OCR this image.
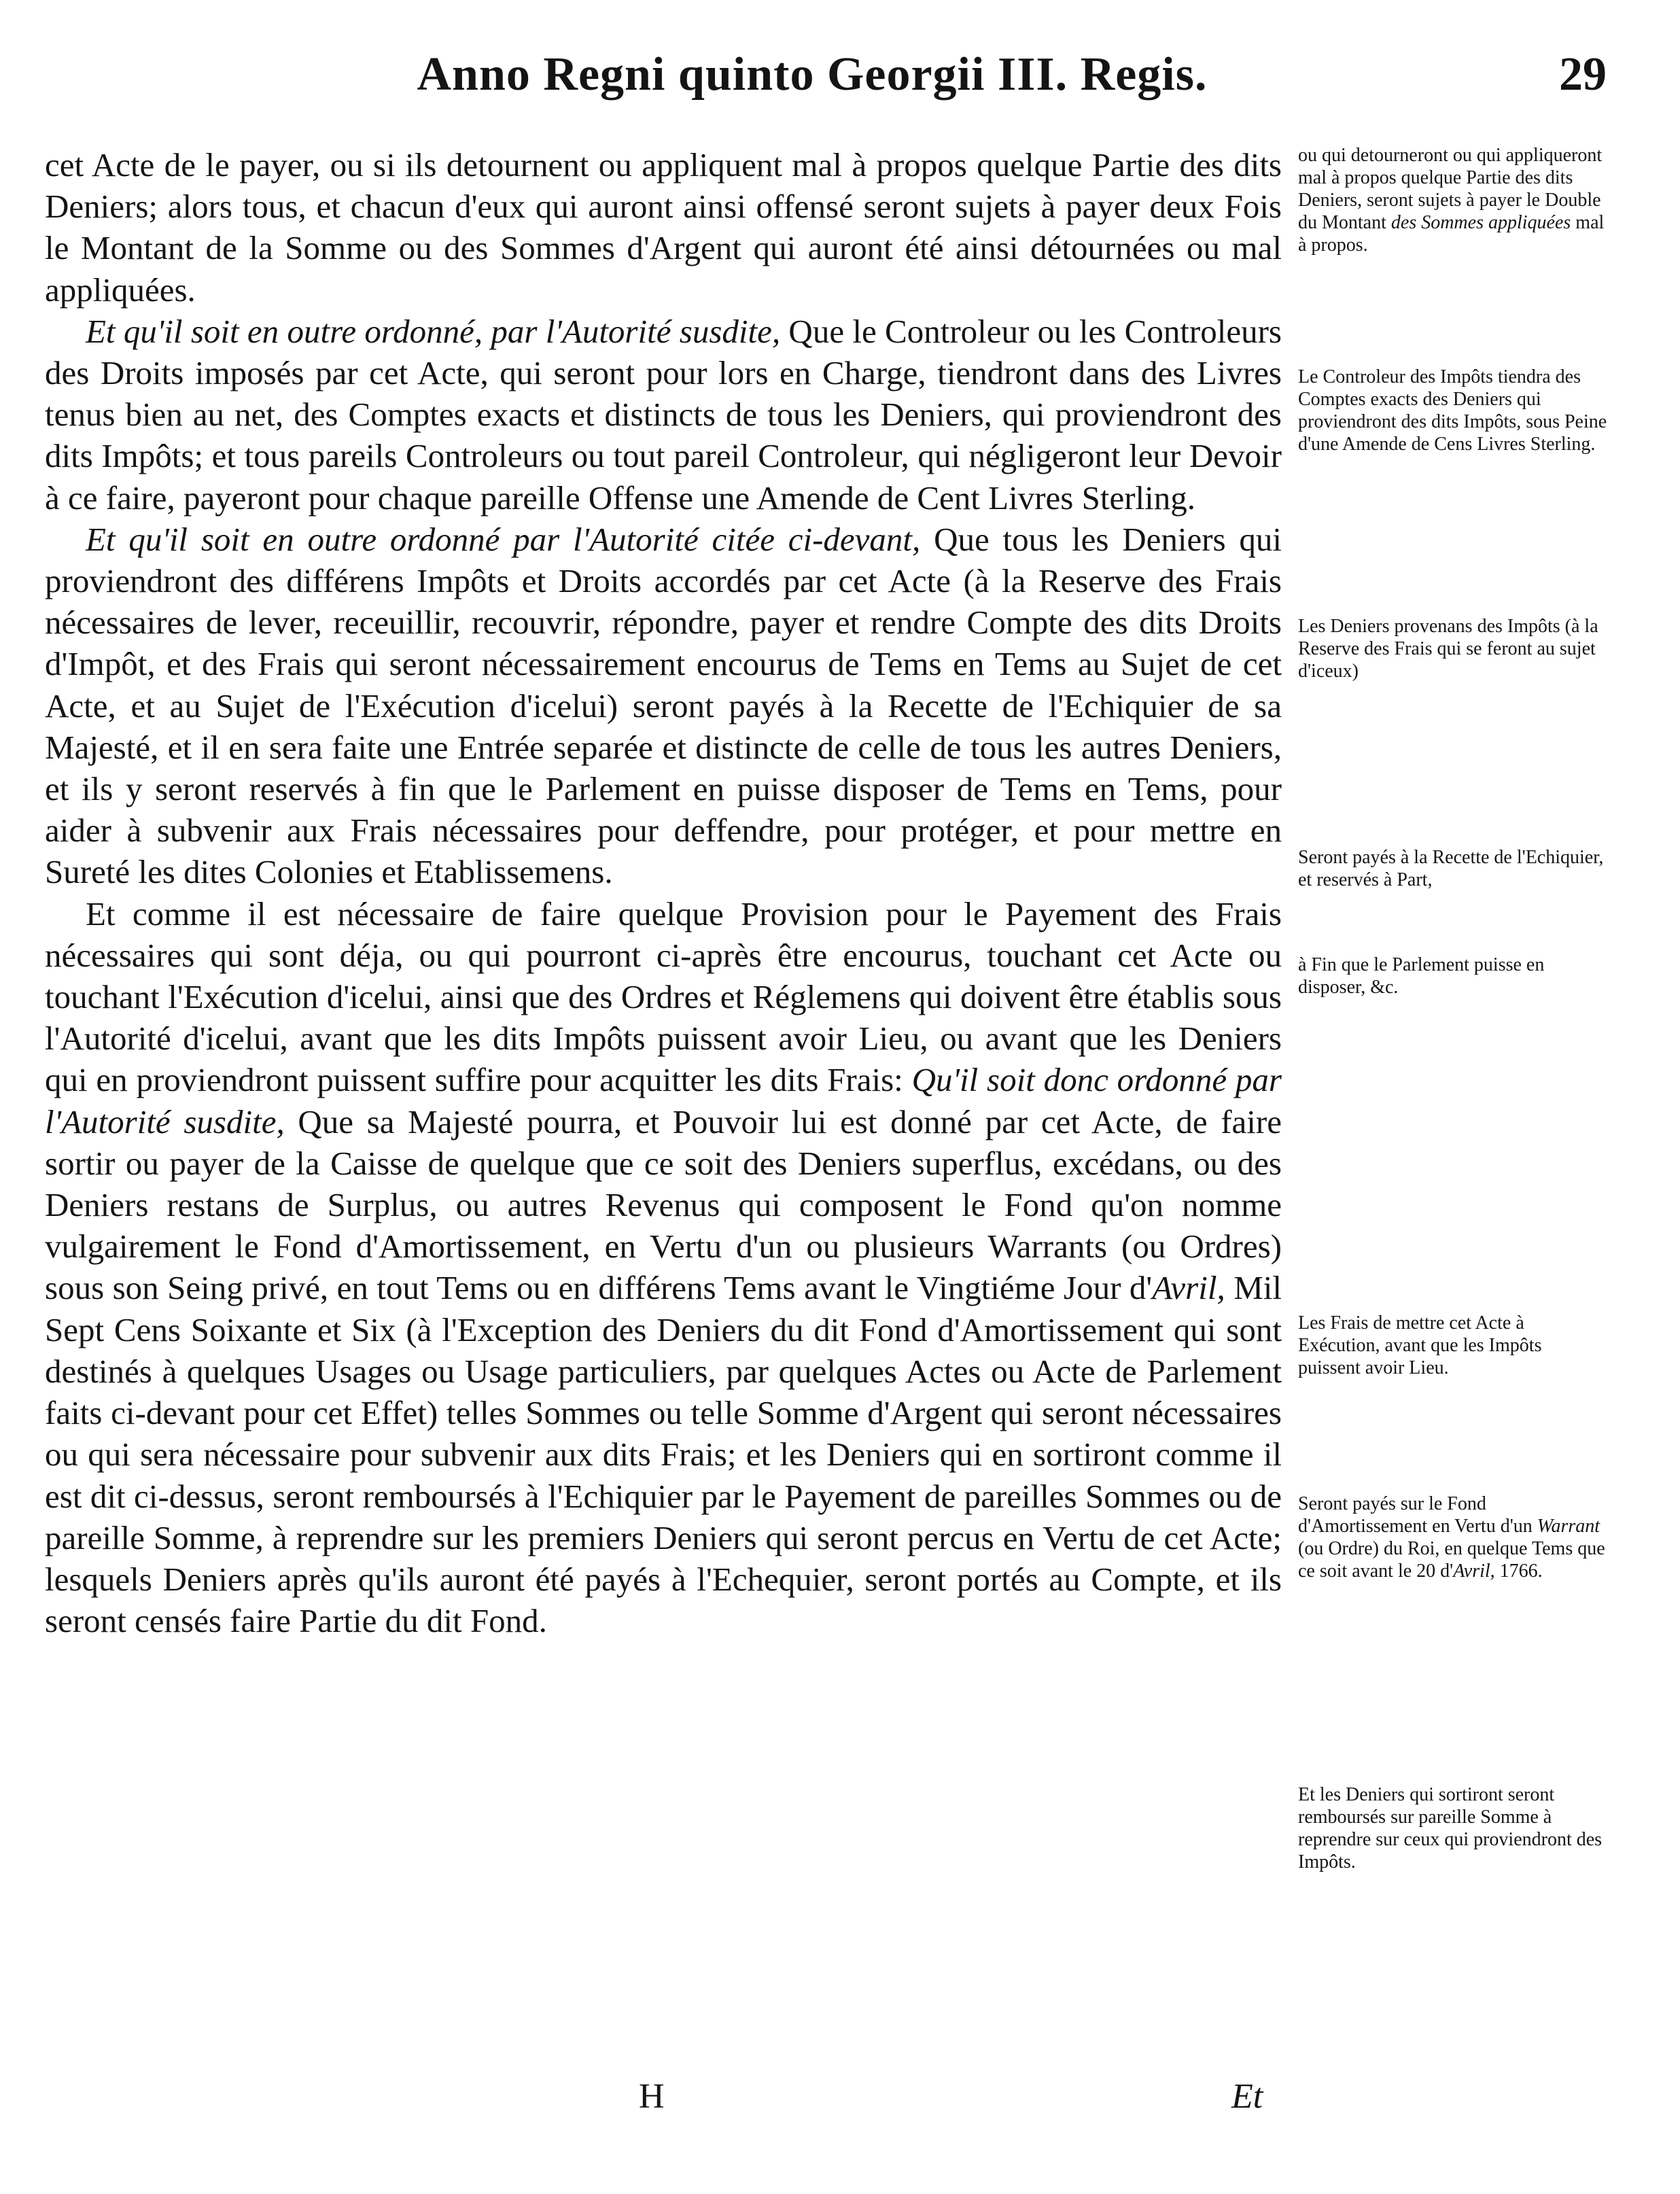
Anno Regni quinto Georgii III. Regis.	29

cet Acte de le payer, ou si ils detournent ou appliquent mal à propos quelque Partie des dits Deniers; alors tous, et chacun d'eux qui auront ainsi offensé seront sujets à payer deux Fois le Montant de la Somme ou des Sommes d'Argent qui auront été ainsi détournées ou mal appliquées.

Et qu'il soit en outre ordonné, par l'Autorité susdite, Que le Controleur ou les Controleurs des Droits imposés par cet Acte, qui seront pour lors en Charge, tiendront dans des Livres tenus bien au net, des Comptes exacts et distincts de tous les Deniers, qui proviendront des dits Impôts; et tous pareils Controleurs ou tout pareil Controleur, qui négligeront leur Devoir à ce faire, payeront pour chaque pareille Offense une Amende de Cent Livres Sterling.

Et qu'il soit en outre ordonné par l'Autorité citée ci-devant, Que tous les Deniers qui proviendront des différens Impôts et Droits accordés par cet Acte (à la Reserve des Frais nécessaires de lever, receuillir, recouvrir, répondre, payer et rendre Compte des dits Droits d'Impôt, et des Frais qui seront nécessairement encourus de Tems en Tems au Sujet de cet Acte, et au Sujet de l'Exécution d'icelui) seront payés à la Recette de l'Echiquier de sa Majesté, et il en sera faite une Entrée separée et distincte de celle de tous les autres Deniers, et ils y seront reservés à fin que le Parlement en puisse disposer de Tems en Tems, pour aider à subvenir aux Frais nécessaires pour deffendre, pour protéger, et pour mettre en Sureté les dites Colonies et Etablissemens.

Et comme il est nécessaire de faire quelque Provision pour le Payement des Frais nécessaires qui sont déja, ou qui pourront ci-après être encourus, touchant cet Acte ou touchant l'Exécution d'icelui, ainsi que des Ordres et Réglemens qui doivent être établis sous l'Autorité d'icelui, avant que les dits Impôts puissent avoir Lieu, ou avant que les Deniers qui en proviendront puissent suffire pour acquitter les dits Frais: Qu'il soit donc ordonné par l'Autorité susdite, Que sa Majesté pourra, et Pouvoir lui est donné par cet Acte, de faire sortir ou payer de la Caisse de quelque que ce soit des Deniers superflus, excédans, ou des Deniers restans de Surplus, ou autres Revenus qui composent le Fond qu'on nomme vulgairement le Fond d'Amortissement, en Vertu d'un ou plusieurs Warrants (ou Ordres) sous son Seing privé, en tout Tems ou en différens Tems avant le Vingtiéme Jour d'Avril, Mil Sept Cens Soixante et Six (à l'Exception des Deniers du dit Fond d'Amortissement qui sont destinés à quelques Usages ou Usage particuliers, par quelques Actes ou Acte de Parlement faits ci-devant pour cet Effet) telles Sommes ou telle Somme d'Argent qui seront nécessaires ou qui sera nécessaire pour subvenir aux dits Frais; et les Deniers qui en sortiront comme il est dit ci-dessus, seront remboursés à l'Echiquier par le Payement de pareilles Sommes ou de pareille Somme, à reprendre sur les premiers Deniers qui seront percus en Vertu de cet Acte; lesquels Deniers après qu'ils auront été payés à l'Echequier, seront portés au Compte, et ils seront censés faire Partie du dit Fond.

ou qui detourneront ou qui appliqueront mal à propos quelque Partie des dits Deniers, seront sujets à payer le Double du Montant des Sommes appliquées mal à propos.
Le Controleur des Impôts tiendra des Comptes exacts des Deniers qui proviendront des dits Impôts, sous Peine d'une Amende de Cens Livres Sterling.
Les Deniers provenans des Impôts (à la Reserve des Frais qui se feront au sujet d'iceux)
Seront payés à la Recette de l'Echiquier, et reservés à Part,
à Fin que le Parlement puisse en disposer, &c.
Les Frais de mettre cet Acte à Exécution, avant que les Impôts puissent avoir Lieu.
Seront payés sur le Fond d'Amortissement en Vertu d'un Warrant (ou Ordre) du Roi, en quelque Tems que ce soit avant le 20 d'Avril, 1766.
Et les Deniers qui sortiront seront remboursés sur pareille Somme à reprendre sur ceux qui proviendront des Impôts.
H	Et
